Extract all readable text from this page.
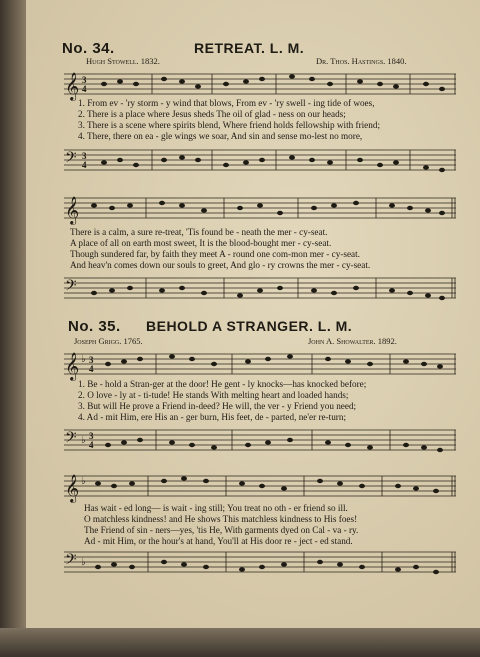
No. 34.	RETREAT. L. M.
Hugh Stowell. 1832.	Dr. Thos. Hastings. 1840.
𝄞 3
4
1. From ev - 'ry storm - y wind that blows, From ev - 'ry swell - ing tide of woes,
2. There is a place where Jesus sheds The oil of glad - ness on our heads;
3. There is a scene where spirits blend, Where friend holds fellowship with friend;
4. There, there on ea - gle wings we soar, And sin and sense mo-lest no more,
𝄢 3
4
𝄞
There is a calm, a sure re-treat, 'Tis found be - neath the mer - cy-seat.
A place of all on earth most sweet, It is the blood-bought mer - cy-seat.
Though sundered far, by faith they meet A - round one com-mon mer - cy-seat.
And heav'n comes down our souls to greet, And glo - ry crowns the mer - cy-seat.
𝄢
No. 35. BEHOLD A STRANGER. L. M.
Joseph Grigg. 1765.	John A. Showalter. 1892.
𝄞 ♭ 3
4
1. Be - hold a Stran-ger at the door! He gent - ly knocks—has knocked before;
2. O love - ly at - ti-tude! He stands With melting heart and loaded hands;
3. But will He prove a Friend in-deed? He will, the ver - y Friend you need;
4. Ad - mit Him, ere His an - ger burn, His feet, de - parted, ne'er re-turn;
𝄢 ♭ 3
4
𝄞 ♭
Has wait - ed long— is wait - ing still; You treat no oth - er friend so ill.
O matchless kindness! and He shows This matchless kindness to His foes!
The Friend of sin - ners—yes, 'tis He, With garments dyed on Cal - va - ry.
Ad - mit Him, or the hour's at hand, You'll at His door re - ject - ed stand.
𝄢 ♭
